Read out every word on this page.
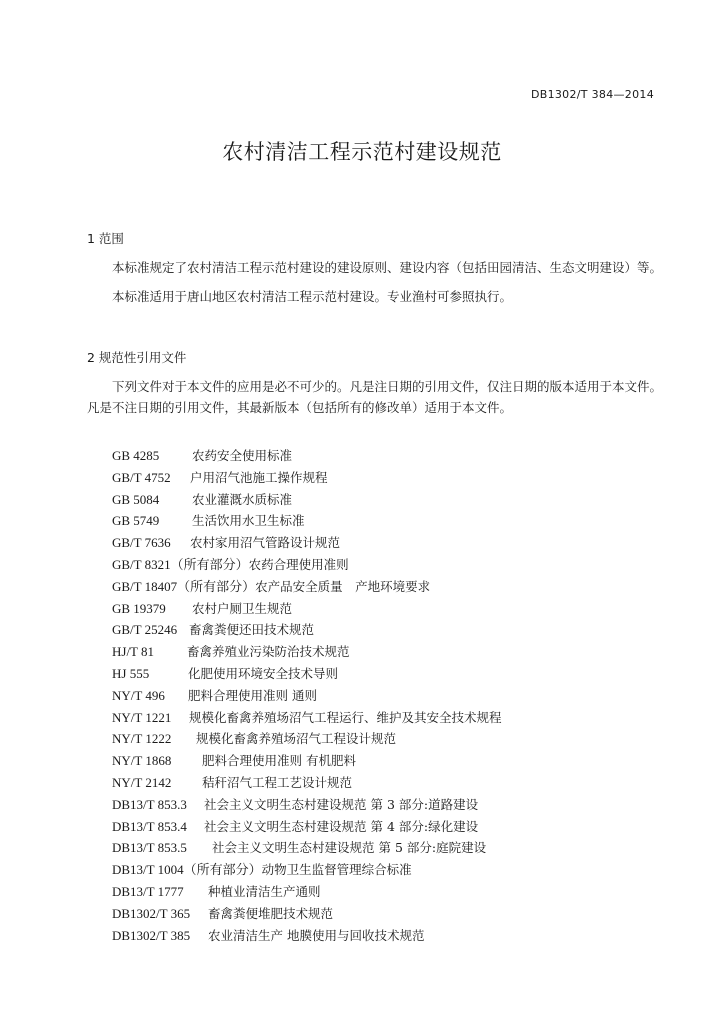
DB1302/T 384—2014
农村清洁工程示范村建设规范
1 范围
本标准规定了农村清洁工程示范村建设的建设原则、建设内容（包括田园清洁、生态文明建设）等。
本标准适用于唐山地区农村清洁工程示范村建设。专业渔村可参照执行。
2 规范性引用文件
下列文件对于本文件的应用是必不可少的。凡是注日期的引用文件，仅注日期的版本适用于本文件。凡是不注日期的引用文件，其最新版本（包括所有的修改单）适用于本文件。
GB 4285	农药安全使用标准
GB/T 4752 户用沼气池施工操作规程
GB 5084	农业灌溉水质标准
GB 5749	生活饮用水卫生标准
GB/T 7636 农村家用沼气管路设计规范
GB/T 8321（所有部分）农药合理使用准则
GB/T 18407（所有部分）农产品安全质量　产地环境要求
GB 19379 农村户厕卫生规范
GB/T 25246 畜禽粪便还田技术规范
HJ/T 81	畜禽养殖业污染防治技术规范
HJ 555	化肥使用环境安全技术导则
NY/T 496 肥料合理使用准则 通则
NY/T 1221 规模化畜禽养殖场沼气工程运行、维护及其安全技术规程
NY/T 1222 规模化畜禽养殖场沼气工程设计规范
NY/T 1868 肥料合理使用准则 有机肥料
NY/T 2142 秸秆沼气工程工艺设计规范
DB13/T 853.3 社会主义文明生态村建设规范 第 3 部分:道路建设
DB13/T 853.4 社会主义文明生态村建设规范 第 4 部分:绿化建设
DB13/T 853.5 社会主义文明生态村建设规范 第 5 部分:庭院建设
DB13/T 1004（所有部分）动物卫生监督管理综合标准
DB13/T 1777 种植业清洁生产通则
DB1302/T 365 畜禽粪便堆肥技术规范
DB1302/T 385 农业清洁生产 地膜使用与回收技术规范
